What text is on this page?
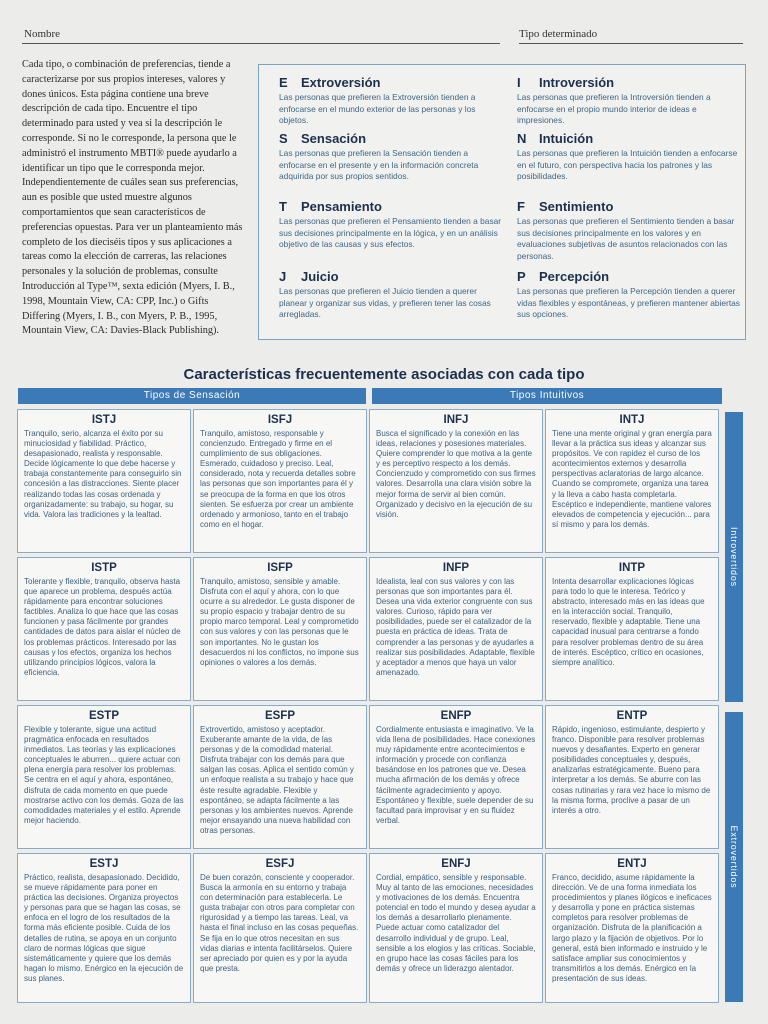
Nombre	Tipo determinado

Cada tipo, o combinación de preferencias, tiende a caracterizarse por sus propios intereses, valores y dones únicos. Esta página contiene una breve descripción de cada tipo. Encuentre el tipo determinado para usted y vea si la descripción le corresponde. Si no le corresponde, la persona que le administró el instrumento MBTI® puede ayudarlo a identificar un tipo que le corresponda mejor. Independientemente de cuáles sean sus preferencias, aun es posible que usted muestre algunos comportamientos que sean característicos de preferencias opuestas. Para ver un planteamiento más completo de los dieciséis tipos y sus aplicaciones a tareas como la elección de carreras, las relaciones personales y la solución de problemas, consulte Introducción al Type™, sexta edición (Myers, I. B., 1998, Mountain View, CA: CPP, Inc.) o Gifts Differing (Myers, I. B., con Myers, P. B., 1995, Mountain View, CA: Davies-Black Publishing).

E Extroversión

Las personas que prefieren la Extroversión tienden a enfocarse en el mundo exterior de las personas y los objetos.

I Introversión

Las personas que prefieren la Introversión tienden a enfocarse en el propio mundo interior de ideas e impresiones.

S Sensación

Las personas que prefieren la Sensación tienden a enfocarse en el presente y en la información concreta adquirida por sus propios sentidos.

N Intuición

Las personas que prefieren la Intuición tienden a enfocarse en el futuro, con perspectiva hacia los patrones y las posibilidades.

T Pensamiento

Las personas que prefieren el Pensamiento tienden a basar sus decisiones principalmente en la lógica, y en un análisis objetivo de las causas y sus efectos.

F Sentimiento

Las personas que prefieren el Sentimiento tienden a basar sus decisiones principalmente en los valores y en evaluaciones subjetivas de asuntos relacionados con las personas.

J Juicio

Las personas que prefieren el Juicio tienden a querer planear y organizar sus vidas, y prefieren tener las cosas arregladas.

P Percepción

Las personas que prefieren la Percepción tienden a querer vidas flexibles y espontáneas, y prefieren mantener abiertas sus opciones.

Características frecuentemente asociadas con cada tipo
Tipos de Sensación	Tipos Intuitivos
Introvertidos
Extrovertidos

ISTJ

Tranquilo, serio, alcanza el éxito por su minuciosidad y fiabilidad. Práctico, desapasionado, realista y responsable. Decide lógicamente lo que debe hacerse y trabaja constantemente para conseguirlo sin concesión a las distracciones. Siente placer realizando todas las cosas ordenada y organizadamente: su trabajo, su hogar, su vida. Valora las tradiciones y la lealtad.

ISFJ

Tranquilo, amistoso, responsable y concienzudo. Entregado y firme en el cumplimiento de sus obligaciones. Esmerado, cuidadoso y preciso. Leal, considerado, nota y recuerda detalles sobre las personas que son importantes para él y se preocupa de la forma en que los otros sienten. Se esfuerza por crear un ambiente ordenado y armonioso, tanto en el trabajo como en el hogar.

INFJ

Busca el significado y la conexión en las ideas, relaciones y posesiones materiales. Quiere comprender lo que motiva a la gente y es perceptivo respecto a los demás. Concienzudo y comprometido con sus firmes valores. Desarrolla una clara visión sobre la mejor forma de servir al bien común. Organizado y decisivo en la ejecución de su visión.

INTJ

Tiene una mente original y gran energía para llevar a la práctica sus ideas y alcanzar sus propósitos. Ve con rapidez el curso de los acontecimientos externos y desarrolla perspectivas aclaratorias de largo alcance. Cuando se compromete, organiza una tarea y la lleva a cabo hasta completarla. Escéptico e independiente, mantiene valores elevados de competencia y ejecución... para sí mismo y para los demás.

ISTP

Tolerante y flexible, tranquilo, observa hasta que aparece un problema, después actúa rápidamente para encontrar soluciones factibles. Analiza lo que hace que las cosas funcionen y pasa fácilmente por grandes cantidades de datos para aislar el núcleo de los problemas prácticos. Interesado por las causas y los efectos, organiza los hechos utilizando principios lógicos, valora la eficiencia.

ISFP

Tranquilo, amistoso, sensible y amable. Disfruta con el aquí y ahora, con lo que ocurre a su alrededor. Le gusta disponer de su propio espacio y trabajar dentro de su propio marco temporal. Leal y comprometido con sus valores y con las personas que le son importantes. No le gustan los desacuerdos ni los conflictos, no impone sus opiniones o valores a los demás.

INFP

Idealista, leal con sus valores y con las personas que son importantes para él. Desea una vida exterior congruente con sus valores. Curioso, rápido para ver posibilidades, puede ser el catalizador de la puesta en práctica de ideas. Trata de comprender a las personas y de ayudarles a realizar sus posibilidades. Adaptable, flexible y aceptador a menos que haya un valor amenazado.

INTP

Intenta desarrollar explicaciones lógicas para todo lo que le interesa. Teórico y abstracto, interesado más en las ideas que en la interacción social. Tranquilo, reservado, flexible y adaptable. Tiene una capacidad inusual para centrarse a fondo para resolver problemas dentro de su área de interés. Escéptico, crítico en ocasiones, siempre analítico.

ESTP

Flexible y tolerante, sigue una actitud pragmática enfocada en resultados inmediatos. Las teorías y las explicaciones conceptuales le aburren... quiere actuar con plena energía para resolver los problemas. Se centra en el aquí y ahora, espontáneo, disfruta de cada momento en que puede mostrarse activo con los demás. Goza de las comodidades materiales y el estilo. Aprende mejor haciendo.

ESFP

Extrovertido, amistoso y aceptador. Exuberante amante de la vida, de las personas y de la comodidad material. Disfruta trabajar con los demás para que salgan las cosas. Aplica el sentido común y un enfoque realista a su trabajo y hace que éste resulte agradable. Flexible y espontáneo, se adapta fácilmente a las personas y los ambientes nuevos. Aprende mejor ensayando una nueva habilidad con otras personas.

ENFP

Cordialmente entusiasta e imaginativo. Ve la vida llena de posibilidades. Hace conexiones muy rápidamente entre acontecimientos e información y procede con confianza basándose en los patrones que ve. Desea mucha afirmación de los demás y ofrece fácilmente agradecimiento y apoyo. Espontáneo y flexible, suele depender de su facultad para improvisar y en su fluidez verbal.

ENTP

Rápido, ingenioso, estimulante, despierto y franco. Disponible para resolver problemas nuevos y desafiantes. Experto en generar posibilidades conceptuales y, después, analizarlas estratégicamente. Bueno para interpretar a los demás. Se aburre con las cosas rutinarias y rara vez hace lo mismo de la misma forma, proclive a pasar de un interés a otro.

ESTJ

Práctico, realista, desapasionado. Decidido, se mueve rápidamente para poner en práctica las decisiones. Organiza proyectos y personas para que se hagan las cosas, se enfoca en el logro de los resultados de la forma más eficiente posible. Cuida de los detalles de rutina, se apoya en un conjunto claro de normas lógicas que sigue sistemáticamente y quiere que los demás hagan lo mismo. Enérgico en la ejecución de sus planes.

ESFJ

De buen corazón, consciente y cooperador. Busca la armonía en su entorno y trabaja con determinación para establecerla. Le gusta trabajar con otros para completar con rigurosidad y a tiempo las tareas. Leal, va hasta el final incluso en las cosas pequeñas. Se fija en lo que otros necesitan en sus vidas diarias e intenta facilitárselos. Quiere ser apreciado por quien es y por la ayuda que presta.

ENFJ

Cordial, empático, sensible y responsable. Muy al tanto de las emociones, necesidades y motivaciones de los demás. Encuentra potencial en todo el mundo y desea ayudar a los demás a desarrollarlo plenamente. Puede actuar como catalizador del desarrollo individual y de grupo. Leal, sensible a los elogios y las críticas. Sociable, en grupo hace las cosas fáciles para los demás y ofrece un liderazgo alentador.

ENTJ

Franco, decidido, asume rápidamente la dirección. Ve de una forma inmediata los procedimientos y planes ilógicos e ineficaces y desarrolla y pone en práctica sistemas completos para resolver problemas de organización. Disfruta de la planificación a largo plazo y la fijación de objetivos. Por lo general, está bien informado e instruido y le satisface ampliar sus conocimientos y transmitirlos a los demás. Enérgico en la presentación de sus ideas.
